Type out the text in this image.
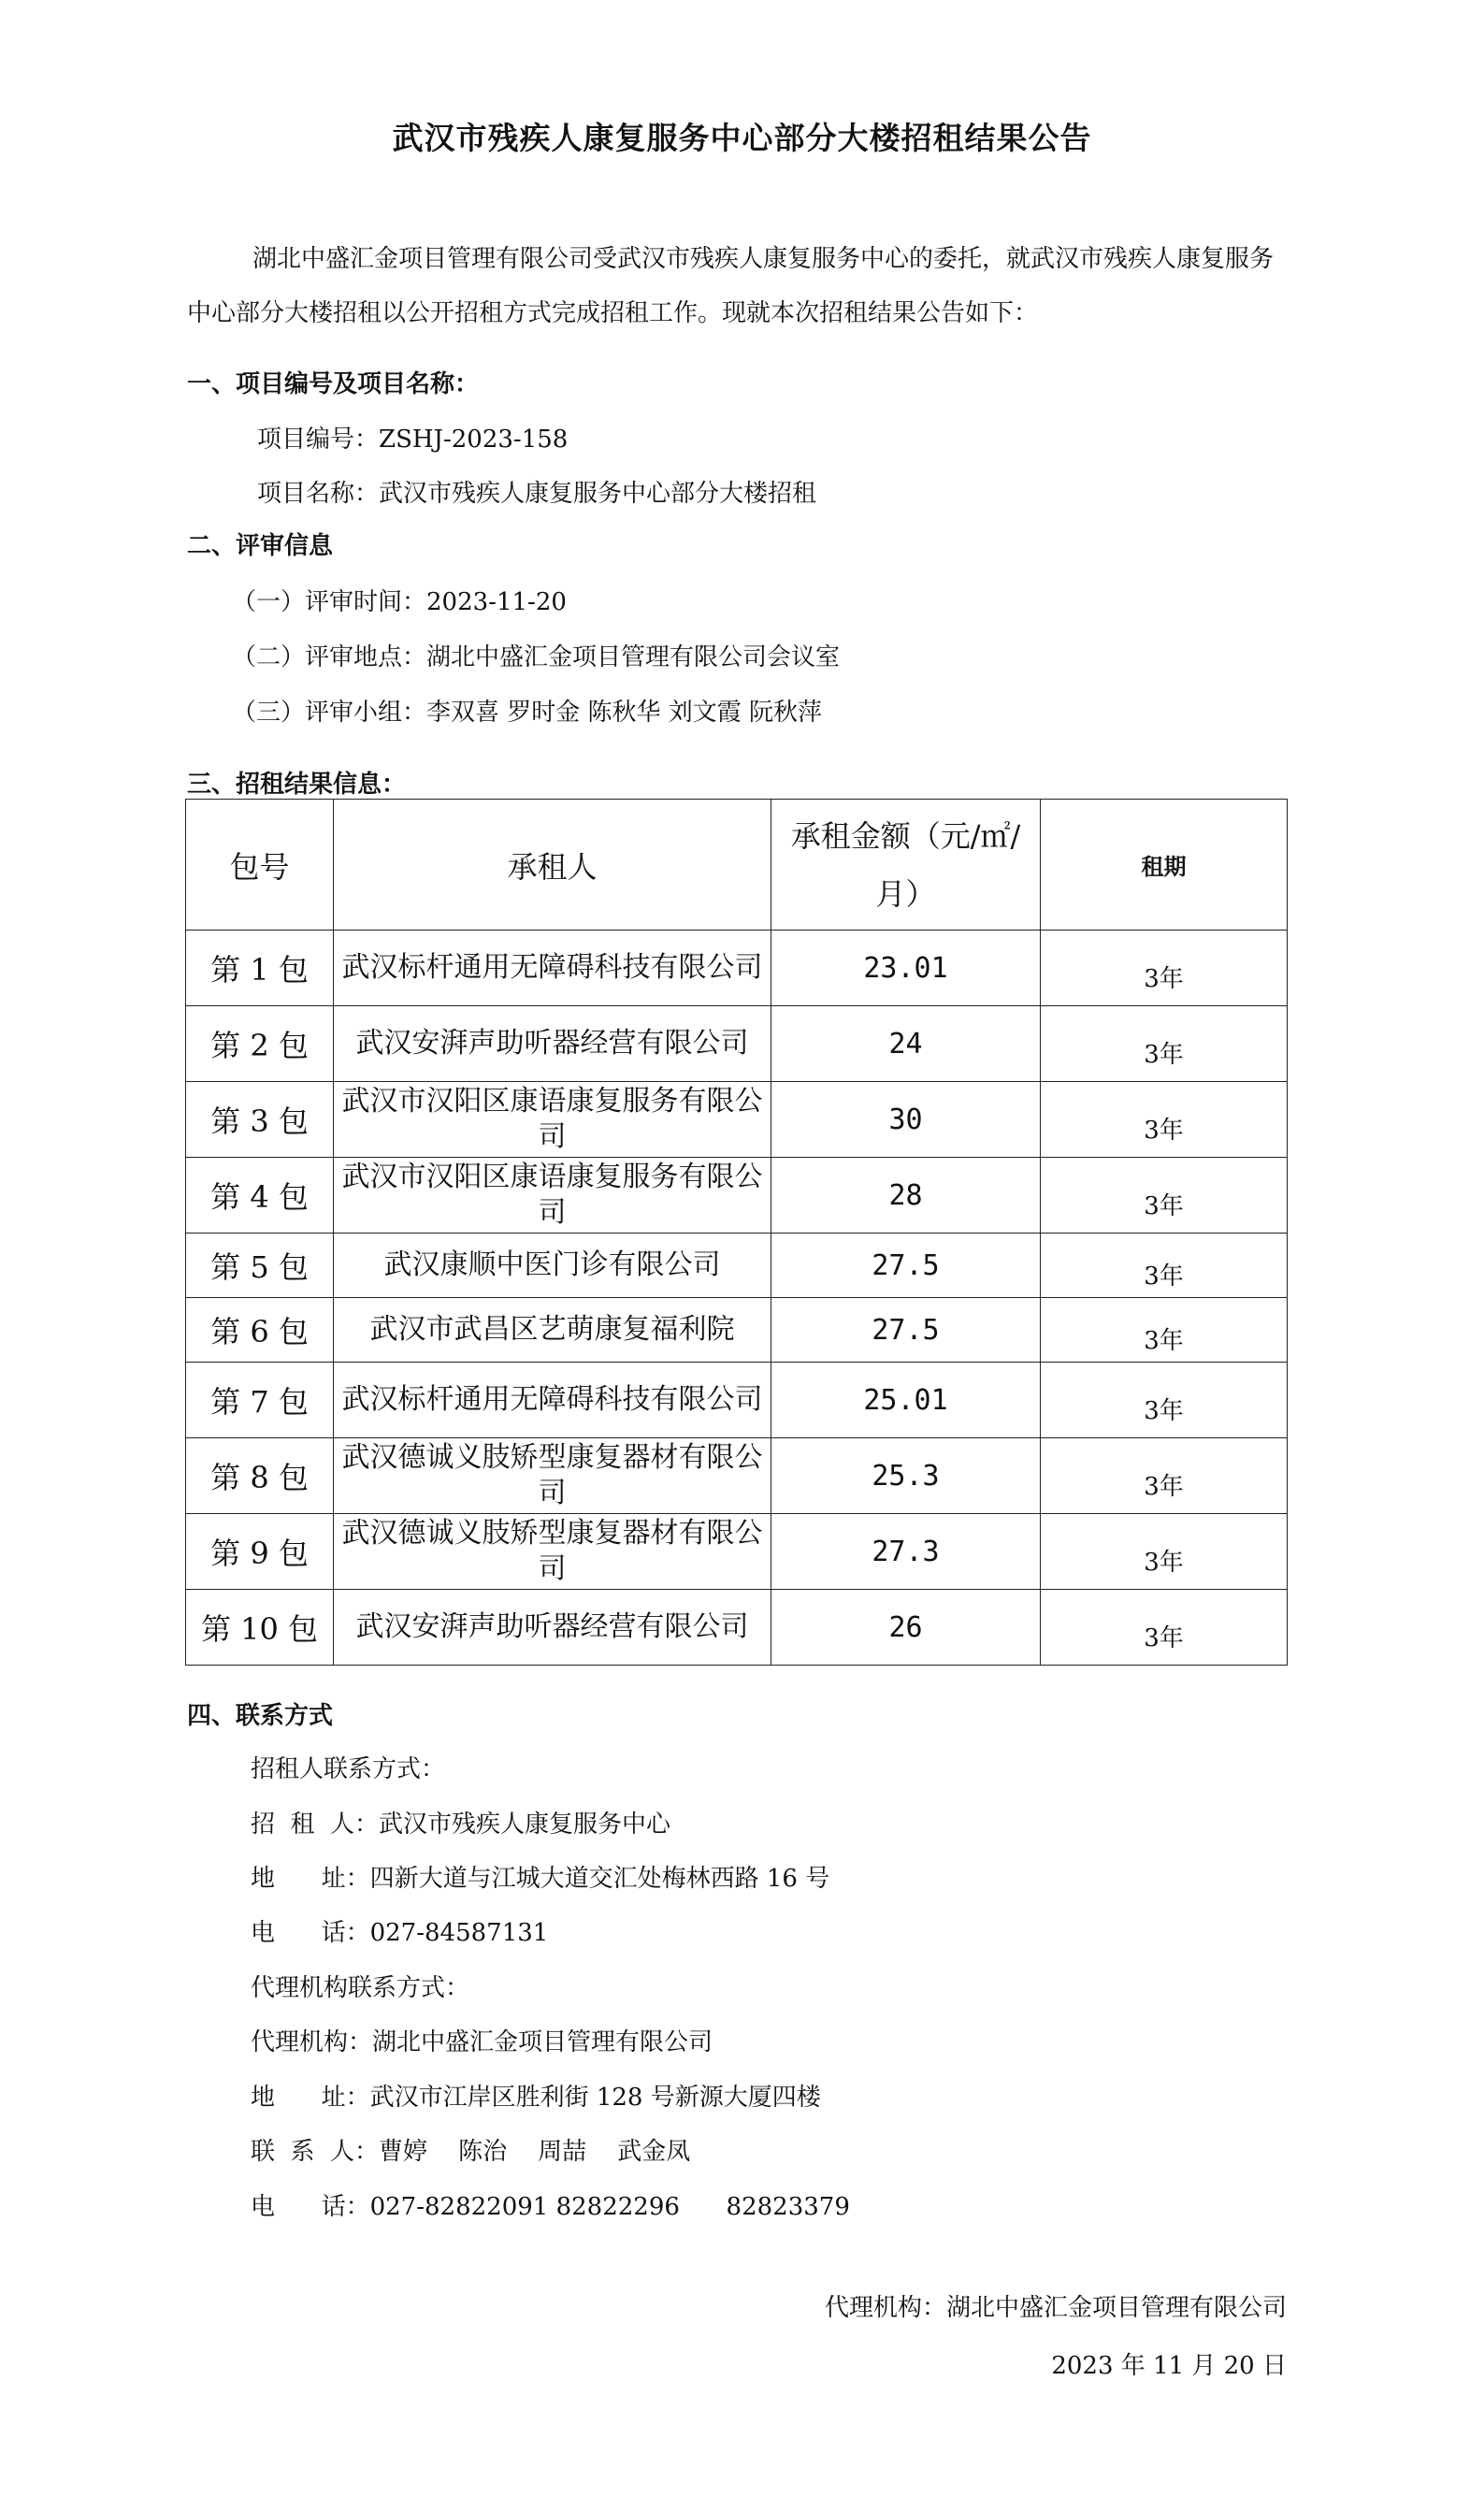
武汉市残疾人康复服务中心部分大楼招租结果公告
湖北中盛汇金项目管理有限公司受武汉市残疾人康复服务中心的委托，就武汉市残疾人康复服务中心部分大楼招租以公开招租方式完成招租工作。现就本次招租结果公告如下：
一、项目编号及项目名称：
项目编号：ZSHJ-2023-158
项目名称：武汉市残疾人康复服务中心部分大楼招租
二、评审信息
（一）评审时间：2023-11-20
（二）评审地点：湖北中盛汇金项目管理有限公司会议室
（三）评审小组：李双喜 罗时金 陈秋华 刘文霞 阮秋萍
三、招租结果信息：
包号	承租人	承租金额（元/㎡/月）	租期
第 1 包	武汉标杆通用无障碍科技有限公司	23.01	3年
第 2 包	武汉安湃声助听器经营有限公司	24	3年
第 3 包	武汉市汉阳区康语康复服务有限公司	30	3年
第 4 包	武汉市汉阳区康语康复服务有限公司	28	3年
第 5 包	武汉康顺中医门诊有限公司	27.5	3年
第 6 包	武汉市武昌区艺萌康复福利院	27.5	3年
第 7 包	武汉标杆通用无障碍科技有限公司	25.01	3年
第 8 包	武汉德诚义肢矫型康复器材有限公司	25.3	3年
第 9 包	武汉德诚义肢矫型康复器材有限公司	27.3	3年
第 10 包	武汉安湃声助听器经营有限公司	26	3年
四、联系方式
招租人联系方式：
招  租  人：武汉市残疾人康复服务中心
地      址：四新大道与江城大道交汇处梅林西路 16 号
电      话：027-84587131
代理机构联系方式：
代理机构：湖北中盛汇金项目管理有限公司
地      址：武汉市江岸区胜利街 128 号新源大厦四楼
联  系  人：曹婷    陈治    周喆    武金凤
电      话：027-82822091 82822296      82823379
代理机构：湖北中盛汇金项目管理有限公司
2023 年 11 月 20 日
